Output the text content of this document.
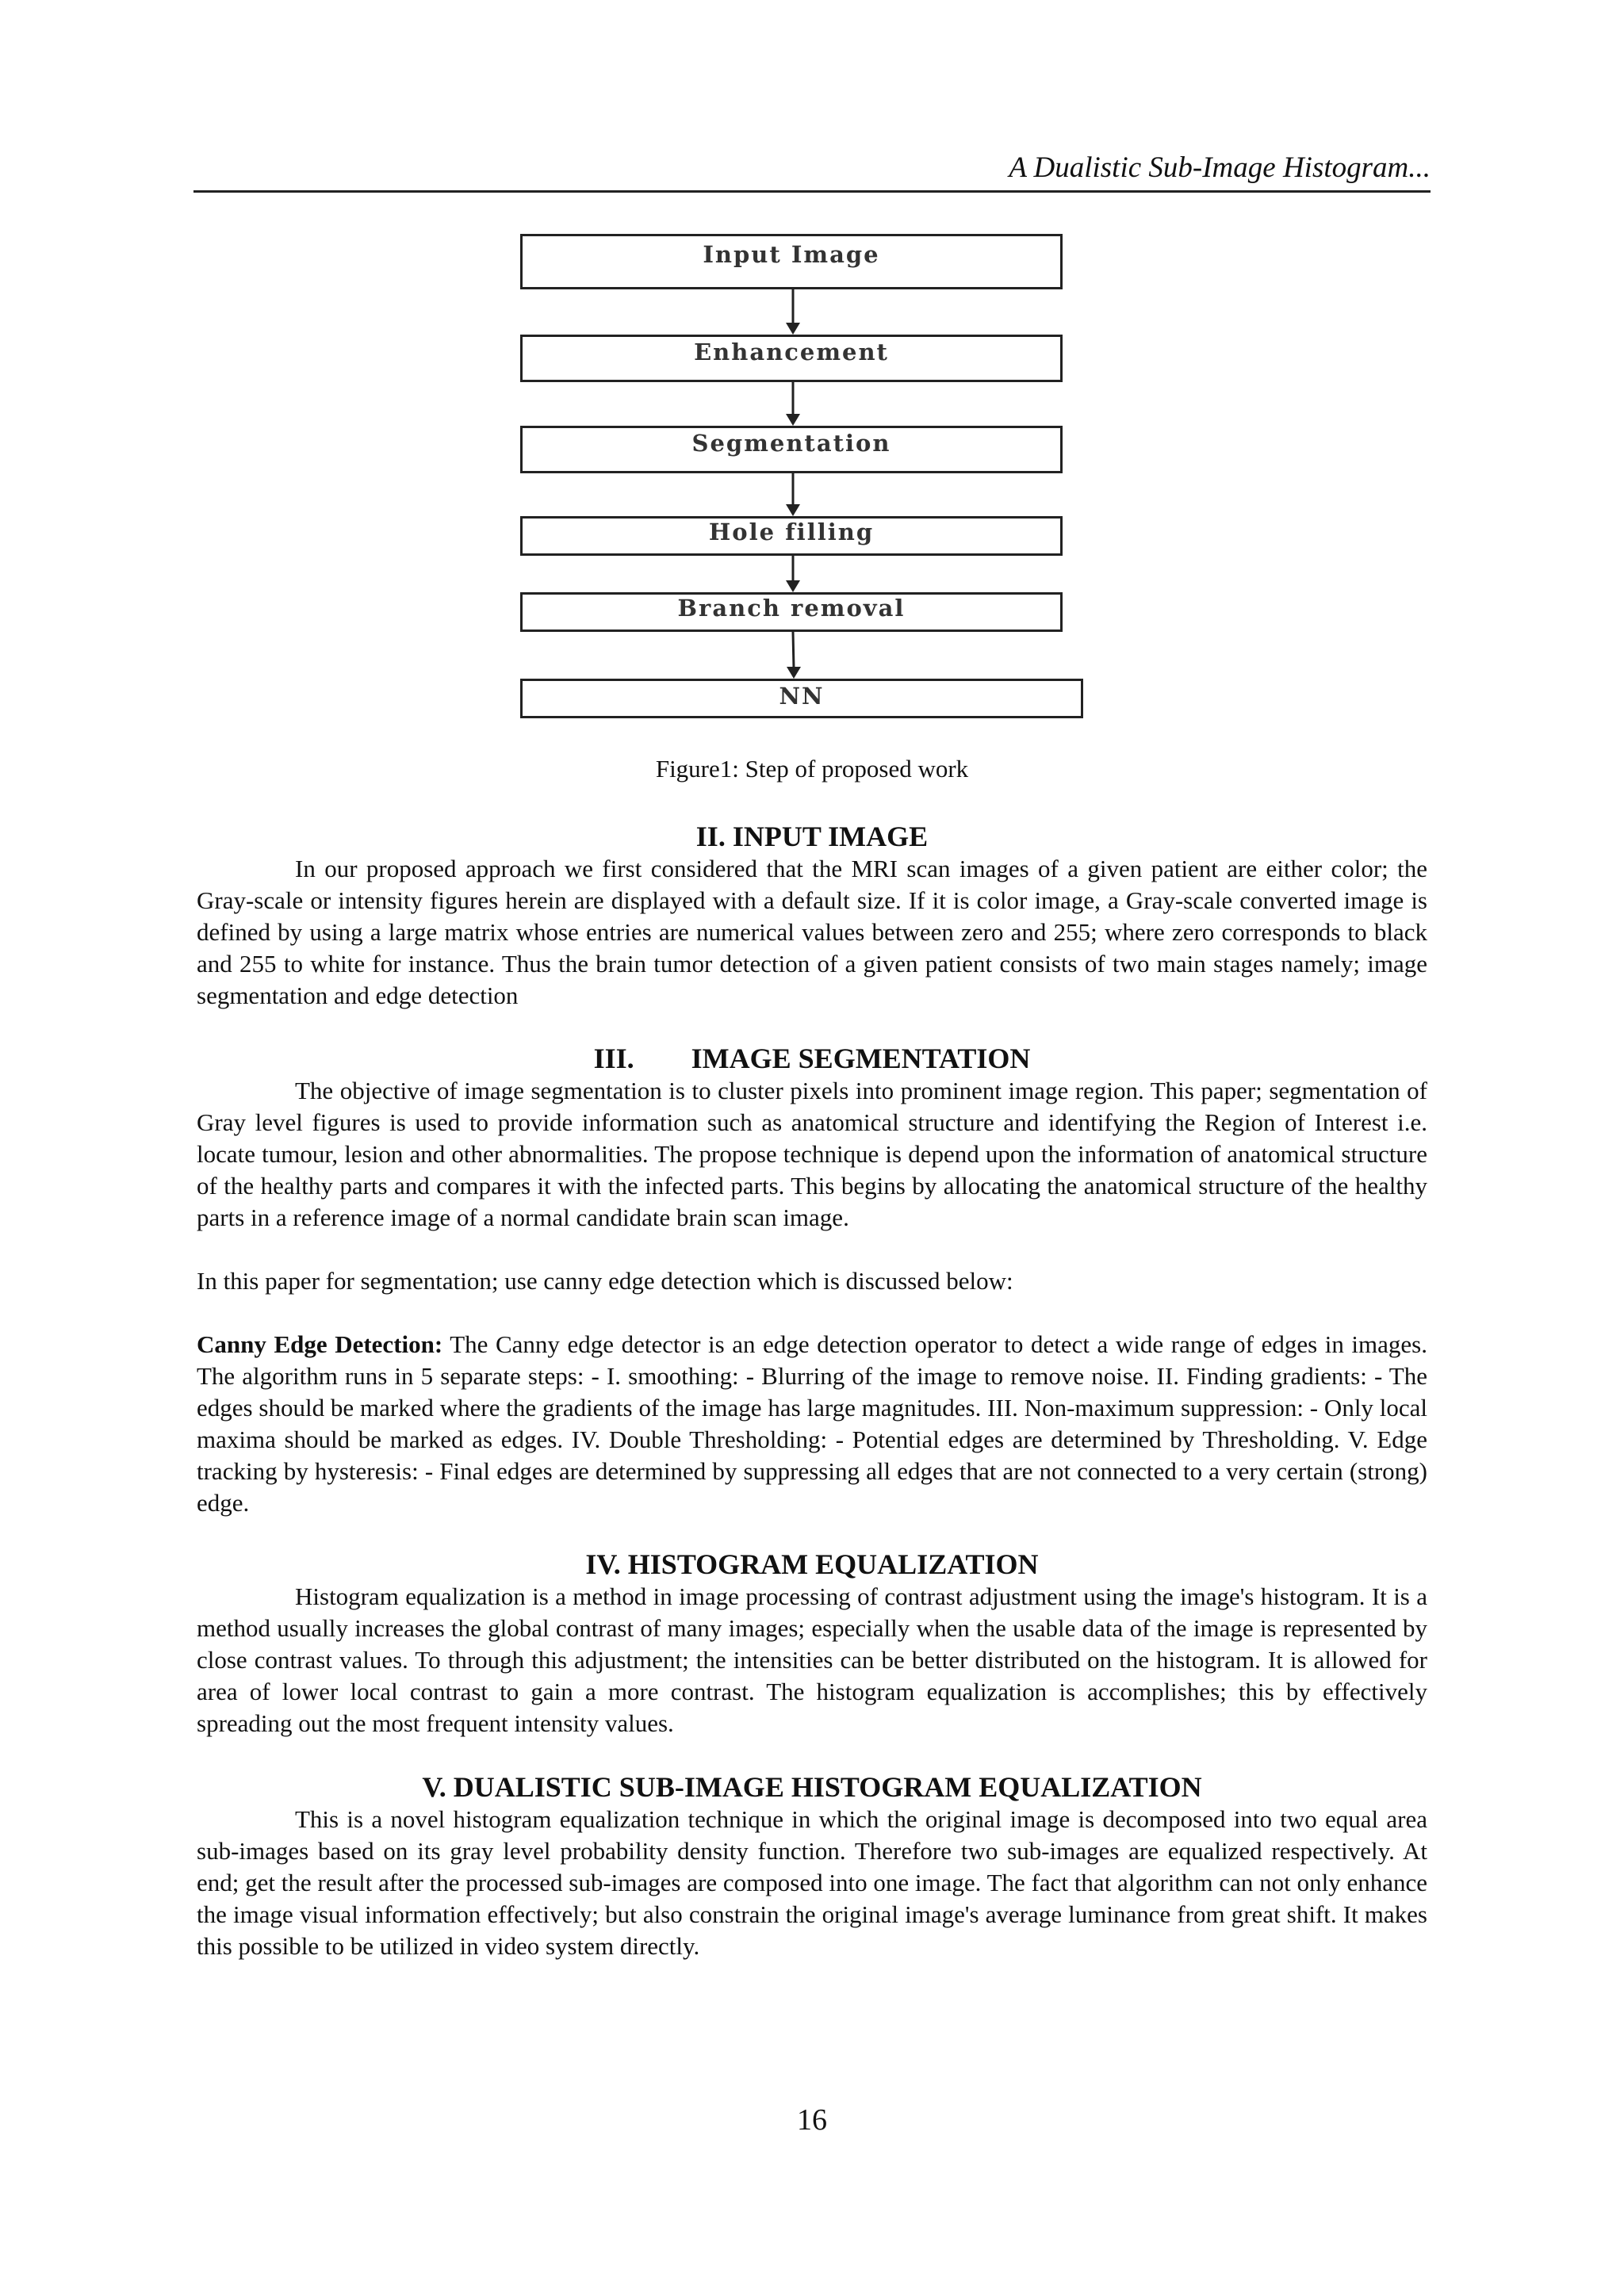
A Dualistic Sub-Image Histogram...
Input Image
Enhancement
Segmentation
Hole filling
Branch removal
NN
Figure1: Step of proposed work
II. INPUT IMAGE

In our proposed approach we first considered that the MRI scan images of a given patient are either color; the Gray-scale or intensity figures herein are displayed with a default size. If it is color image, a Gray-scale converted image is defined by using a large matrix whose entries are numerical values between zero and 255; where zero corresponds to black and 255 to white for instance. Thus the brain tumor detection of a given patient consists of two main stages namely; image segmentation and edge detection

III.        IMAGE SEGMENTATION

The objective of image segmentation is to cluster pixels into prominent image region. This paper; segmentation of Gray level figures is used to provide information such as anatomical structure and identifying the Region of Interest i.e. locate tumour, lesion and other abnormalities. The propose technique is depend upon the information of anatomical structure of the healthy parts and compares it with the infected parts. This begins by allocating the anatomical structure of the healthy parts in a reference image of a normal candidate brain scan image.

In this paper for segmentation; use canny edge detection which is discussed below:

Canny Edge Detection: The Canny edge detector is an edge detection operator to detect a wide range of edges in images. The algorithm runs in 5 separate steps: - I. smoothing: - Blurring of the image to remove noise. II. Finding gradients: - The edges should be marked where the gradients of the image has large magnitudes. III. Non-maximum suppression: - Only local maxima should be marked as edges. IV. Double Thresholding: - Potential edges are determined by Thresholding. V. Edge tracking by hysteresis: - Final edges are determined by suppressing all edges that are not connected to a very certain (strong) edge.

IV. HISTOGRAM EQUALIZATION

Histogram equalization is a method in image processing of contrast adjustment using the image's histogram. It is a method usually increases the global contrast of many images; especially when the usable data of the image is represented by close contrast values. To through this adjustment; the intensities can be better distributed on the histogram. It is allowed for area of lower local contrast to gain a more contrast. The histogram equalization is accomplishes; this by effectively spreading out the most frequent intensity values.

V. DUALISTIC SUB-IMAGE HISTOGRAM EQUALIZATION

This is a novel histogram equalization technique in which the original image is decomposed into two equal area sub-images based on its gray level probability density function. Therefore two sub-images are equalized respectively. At end; get the result after the processed sub-images are composed into one image. The fact that algorithm can not only enhance the image visual information effectively; but also constrain the original image's average luminance from great shift. It makes this possible to be utilized in video system directly.

16
